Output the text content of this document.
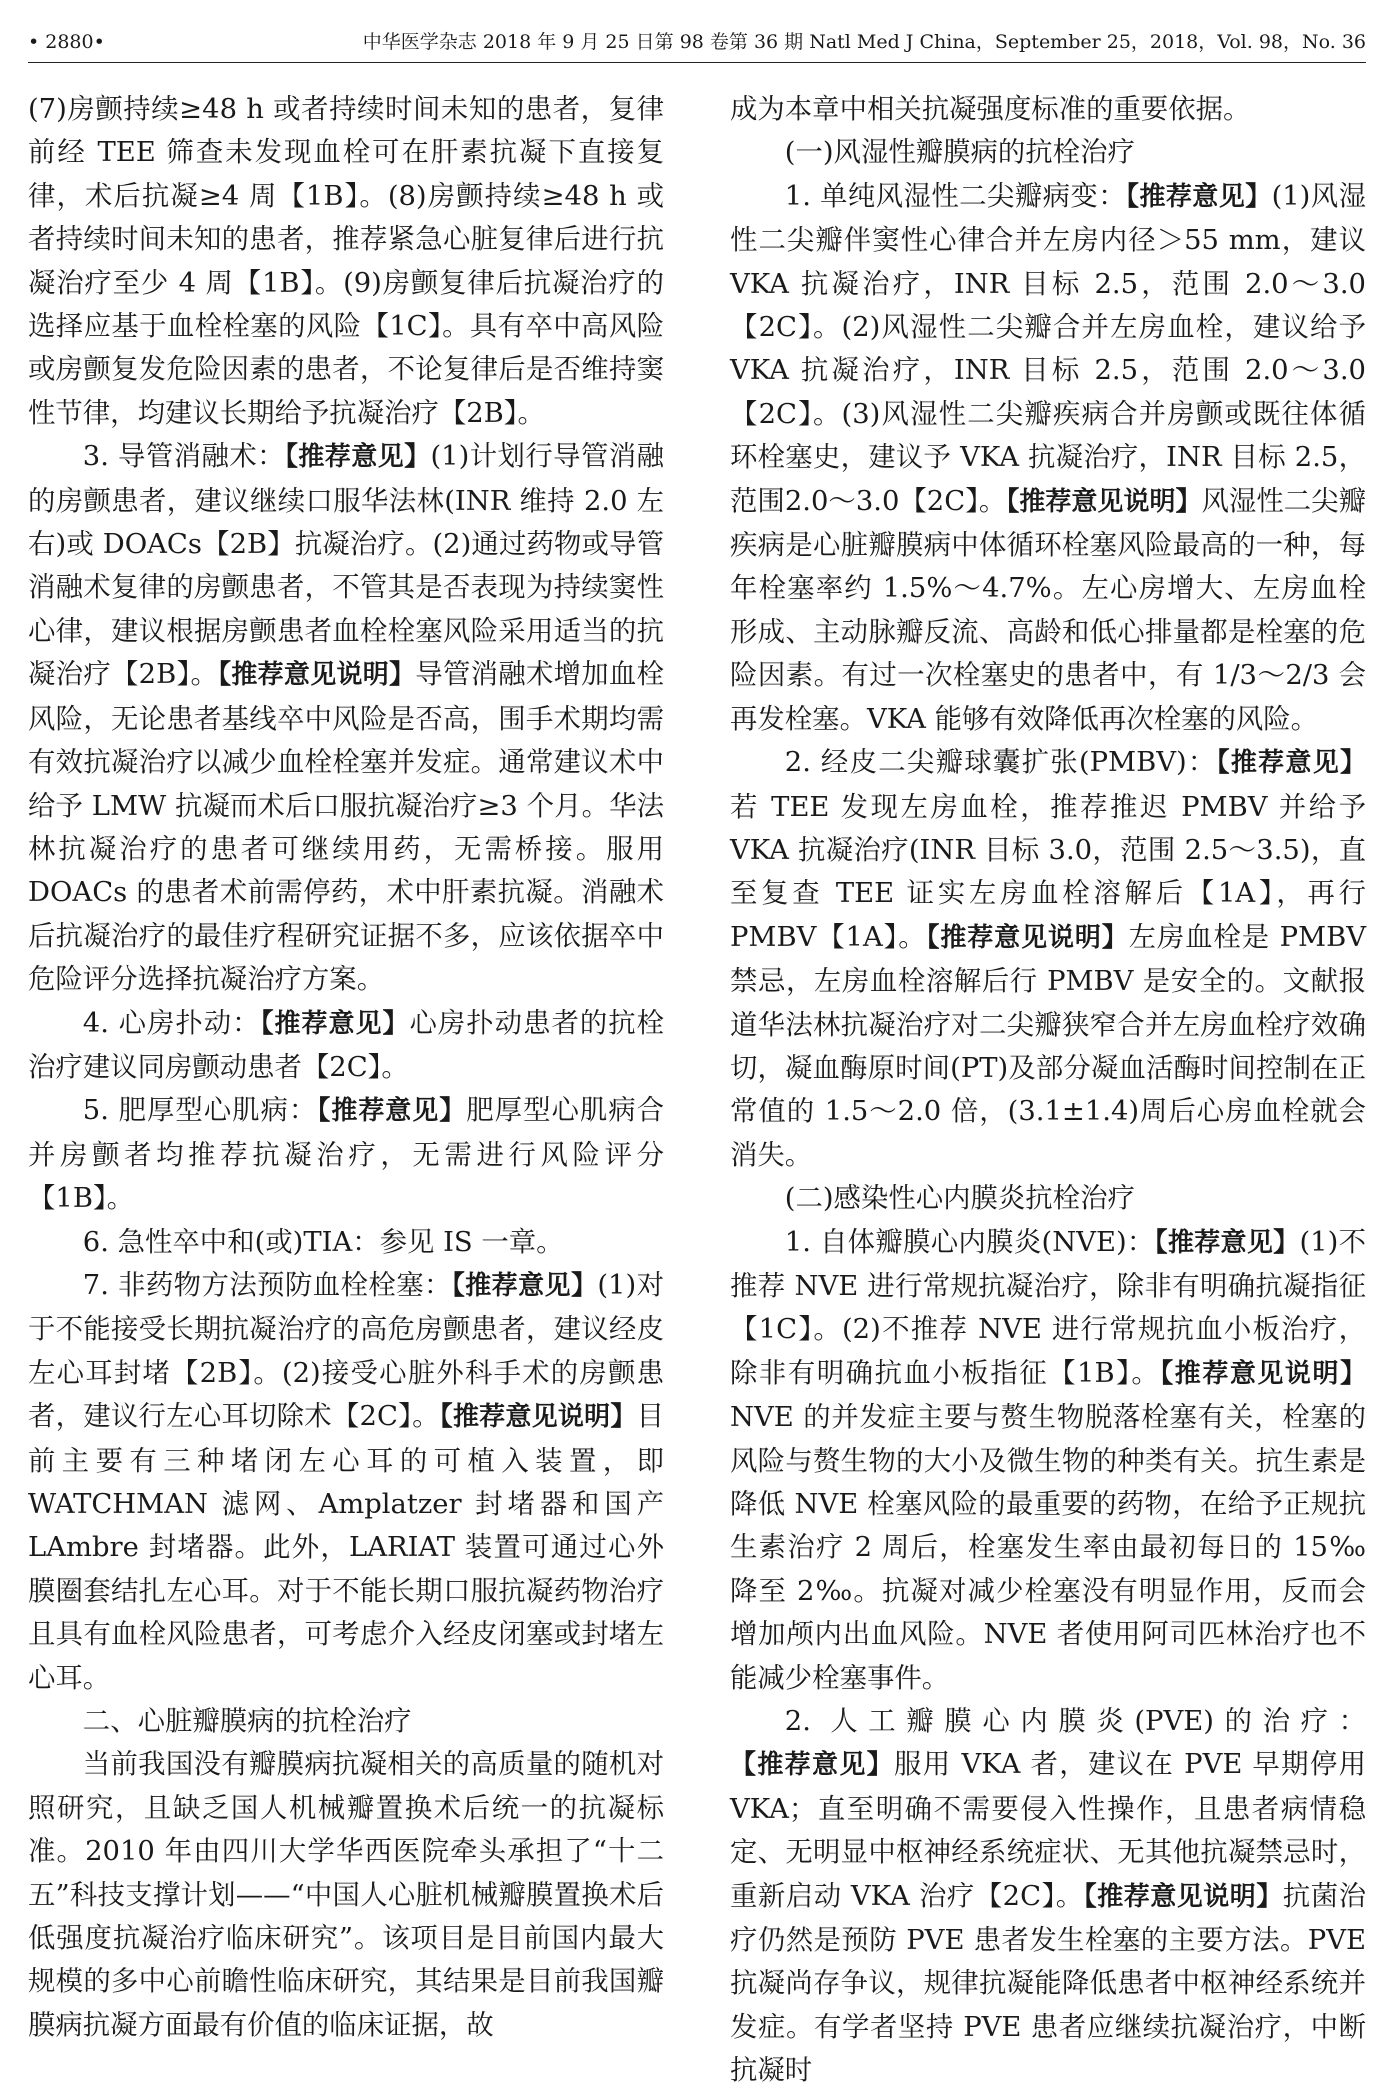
• 2880•	中华医学杂志 2018 年 9 月 25 日第 98 卷第 36 期 Natl Med J China，September 25，2018，Vol. 98，No. 36

(7)房颤持续≥48 h 或者持续时间未知的患者，复律前经 TEE 筛查未发现血栓可在肝素抗凝下直接复律，术后抗凝≥4 周【1B】。(8)房颤持续≥48 h 或者持续时间未知的患者，推荐紧急心脏复律后进行抗凝治疗至少 4 周【1B】。(9)房颤复律后抗凝治疗的选择应基于血栓栓塞的风险【1C】。具有卒中高风险或房颤复发危险因素的患者，不论复律后是否维持窦性节律，均建议长期给予抗凝治疗【2B】。

3. 导管消融术：【推荐意见】(1)计划行导管消融的房颤患者，建议继续口服华法林(INR 维持 2.0 左右)或 DOACs【2B】抗凝治疗。(2)通过药物或导管消融术复律的房颤患者，不管其是否表现为持续窦性心律，建议根据房颤患者血栓栓塞风险采用适当的抗凝治疗【2B】。【推荐意见说明】导管消融术增加血栓风险，无论患者基线卒中风险是否高，围手术期均需有效抗凝治疗以减少血栓栓塞并发症。通常建议术中给予 LMW 抗凝而术后口服抗凝治疗≥3 个月。华法林抗凝治疗的患者可继续用药，无需桥接。服用 DOACs 的患者术前需停药，术中肝素抗凝。消融术后抗凝治疗的最佳疗程研究证据不多，应该依据卒中危险评分选择抗凝治疗方案。

4. 心房扑动：【推荐意见】心房扑动患者的抗栓治疗建议同房颤动患者【2C】。

5. 肥厚型心肌病：【推荐意见】肥厚型心肌病合并房颤者均推荐抗凝治疗，无需进行风险评分【1B】。

6. 急性卒中和(或)TIA：参见 IS 一章。

7. 非药物方法预防血栓栓塞：【推荐意见】(1)对于不能接受长期抗凝治疗的高危房颤患者，建议经皮左心耳封堵【2B】。(2)接受心脏外科手术的房颤患者，建议行左心耳切除术【2C】。【推荐意见说明】目前主要有三种堵闭左心耳的可植入装置，即 WATCHMAN 滤网、Amplatzer 封堵器和国产 LAmbre 封堵器。此外，LARIAT 装置可通过心外膜圈套结扎左心耳。对于不能长期口服抗凝药物治疗且具有血栓风险患者，可考虑介入经皮闭塞或封堵左心耳。

二、心脏瓣膜病的抗栓治疗

当前我国没有瓣膜病抗凝相关的高质量的随机对照研究，且缺乏国人机械瓣置换术后统一的抗凝标准。2010 年由四川大学华西医院牵头承担了“十二五”科技支撑计划——“中国人心脏机械瓣膜置换术后低强度抗凝治疗临床研究”。该项目是目前国内最大规模的多中心前瞻性临床研究，其结果是目前我国瓣膜病抗凝方面最有价值的临床证据，故

成为本章中相关抗凝强度标准的重要依据。

(一)风湿性瓣膜病的抗栓治疗

1. 单纯风湿性二尖瓣病变：【推荐意见】(1)风湿性二尖瓣伴窦性心律合并左房内径＞55 mm，建议 VKA 抗凝治疗，INR 目标 2.5，范围 2.0～3.0【2C】。(2)风湿性二尖瓣合并左房血栓，建议给予 VKA 抗凝治疗，INR 目标 2.5，范围 2.0～3.0【2C】。(3)风湿性二尖瓣疾病合并房颤或既往体循环栓塞史，建议予 VKA 抗凝治疗，INR 目标 2.5，范围2.0～3.0【2C】。【推荐意见说明】风湿性二尖瓣疾病是心脏瓣膜病中体循环栓塞风险最高的一种，每年栓塞率约 1.5%～4.7%。左心房增大、左房血栓形成、主动脉瓣反流、高龄和低心排量都是栓塞的危险因素。有过一次栓塞史的患者中，有 1/3～2/3 会再发栓塞。VKA 能够有效降低再次栓塞的风险。

2. 经皮二尖瓣球囊扩张(PMBV)：【推荐意见】若 TEE 发现左房血栓，推荐推迟 PMBV 并给予 VKA 抗凝治疗(INR 目标 3.0，范围 2.5～3.5)，直至复查 TEE 证实左房血栓溶解后【1A】，再行 PMBV【1A】。【推荐意见说明】左房血栓是 PMBV 禁忌，左房血栓溶解后行 PMBV 是安全的。文献报道华法林抗凝治疗对二尖瓣狭窄合并左房血栓疗效确切，凝血酶原时间(PT)及部分凝血活酶时间控制在正常值的 1.5～2.0 倍，(3.1±1.4)周后心房血栓就会消失。

(二)感染性心内膜炎抗栓治疗

1. 自体瓣膜心内膜炎(NVE)：【推荐意见】(1)不推荐 NVE 进行常规抗凝治疗，除非有明确抗凝指征【1C】。(2)不推荐 NVE 进行常规抗血小板治疗，除非有明确抗血小板指征【1B】。【推荐意见说明】NVE 的并发症主要与赘生物脱落栓塞有关，栓塞的风险与赘生物的大小及微生物的种类有关。抗生素是降低 NVE 栓塞风险的最重要的药物，在给予正规抗生素治疗 2 周后，栓塞发生率由最初每日的 15‰ 降至 2‰。抗凝对减少栓塞没有明显作用，反而会增加颅内出血风险。NVE 者使用阿司匹林治疗也不能减少栓塞事件。

2. 人工瓣膜心内膜炎(PVE)的治疗：【推荐意见】服用 VKA 者，建议在 PVE 早期停用 VKA；直至明确不需要侵入性操作，且患者病情稳定、无明显中枢神经系统症状、无其他抗凝禁忌时，重新启动 VKA 治疗【2C】。【推荐意见说明】抗菌治疗仍然是预防 PVE 患者发生栓塞的主要方法。PVE 抗凝尚存争议，规律抗凝能降低患者中枢神经系统并发症。有学者坚持 PVE 患者应继续抗凝治疗，中断抗凝时
